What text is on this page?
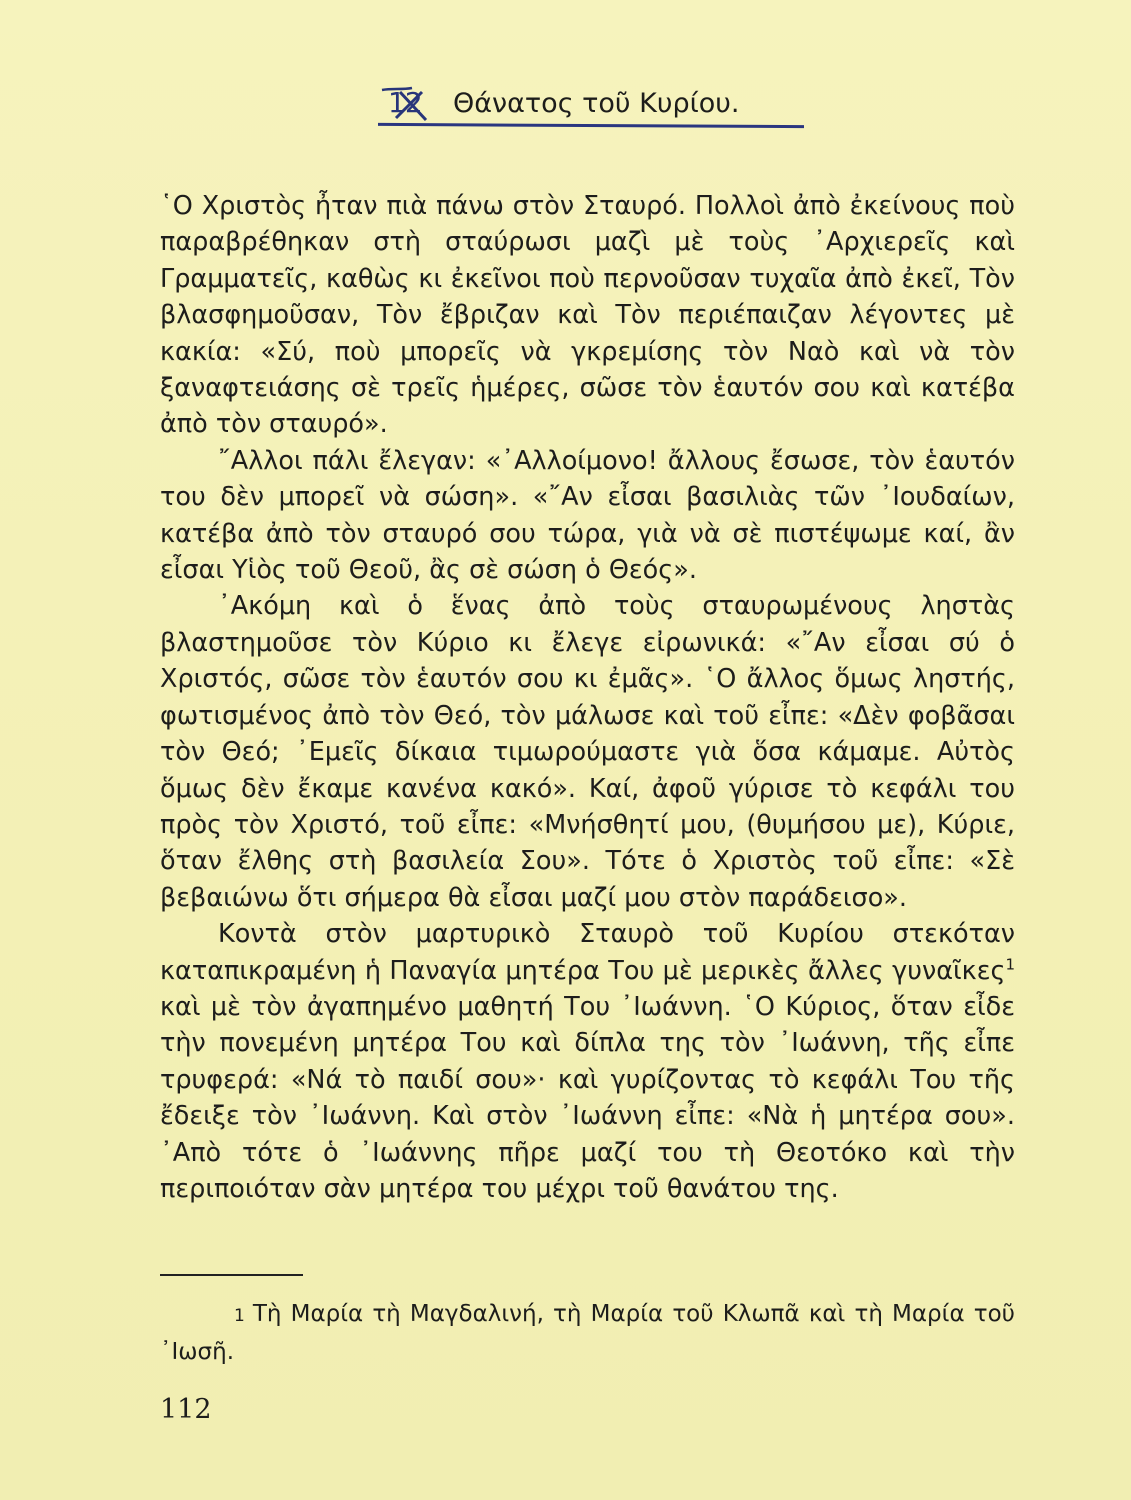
12 Θάνατος τοῦ Κυρίου.

῾Ο Χριστὸς ἦταν πιὰ πάνω στὸν Σταυρό. Πολλοὶ ἀπὸ ἐκείνους ποὺ παραβρέθηκαν στὴ σταύρωσι μαζὶ μὲ τοὺς ᾿Αρχιερεῖς καὶ Γραμματεῖς, καθὼς κι ἐκεῖνοι ποὺ περνοῦσαν τυχαῖα ἀπὸ ἐκεῖ, Τὸν βλασφημοῦσαν, Τὸν ἔβριζαν καὶ Τὸν περιέπαιζαν λέγοντες μὲ κακία: «Σύ, ποὺ μπορεῖς νὰ γκρεμίσης τὸν Ναὸ καὶ νὰ τὸν ξαναφτειάσης σὲ τρεῖς ἡμέρες, σῶσε τὸν ἑαυτόν σου καὶ κατέβα ἀπὸ τὸν σταυρό».

῎Αλλοι πάλι ἔλεγαν: «᾿Αλλοίμονο! ἄλλους ἔσωσε, τὸν ἑαυτόν του δὲν μπορεῖ νὰ σώση». «῎Αν εἶσαι βασιλιὰς τῶν ᾿Ιουδαίων, κατέβα ἀπὸ τὸν σταυρό σου τώρα, γιὰ νὰ σὲ πιστέψωμε καί, ἂν εἶσαι Υἱὸς τοῦ Θεοῦ, ἂς σὲ σώση ὁ Θεός».

᾿Ακόμη καὶ ὁ ἕνας ἀπὸ τοὺς σταυρωμένους ληστὰς βλαστημοῦσε τὸν Κύριο κι ἔλεγε εἰρωνικά: «῎Αν εἶσαι σύ ὁ Χριστός, σῶσε τὸν ἑαυτόν σου κι ἐμᾶς». ῾Ο ἄλλος ὅμως ληστής, φωτισμένος ἀπὸ τὸν Θεό, τὸν μάλωσε καὶ τοῦ εἶπε: «Δὲν φοβᾶσαι τὸν Θεό; ᾿Εμεῖς δίκαια τιμωρούμαστε γιὰ ὅσα κάμαμε. Αὐτὸς ὅμως δὲν ἔκαμε κανένα κακό». Καί, ἀφοῦ γύρισε τὸ κεφάλι του πρὸς τὸν Χριστό, τοῦ εἶπε: «Μνήσθητί μου, (θυμήσου με), Κύριε, ὅταν ἔλθης στὴ βασιλεία Σου». Τότε ὁ Χριστὸς τοῦ εἶπε: «Σὲ βεβαιώνω ὅτι σήμερα θὰ εἶσαι μαζί μου στὸν παράδεισο».

Κοντὰ στὸν μαρτυρικὸ Σταυρὸ τοῦ Κυρίου στεκόταν καταπικραμένη ἡ Παναγία μητέρα Του μὲ μερικὲς ἄλλες γυναῖκες$^1$ καὶ μὲ τὸν ἀγαπημένο μαθητή Του ᾿Ιωάννη. ῾Ο Κύριος, ὅταν εἶδε τὴν πονεμένη μητέρα Του καὶ δίπλα της τὸν ᾿Ιωάννη, τῆς εἶπε τρυφερά: «Νά τὸ παιδί σου»· καὶ γυρίζοντας τὸ κεφάλι Του τῆς ἔδειξε τὸν ᾿Ιωάννη. Καὶ στὸν ᾿Ιωάννη εἶπε: «Νὰ ἡ μητέρα σου». ᾿Απὸ τότε ὁ ᾿Ιωάννης πῆρε μαζί του τὴ Θεοτόκο καὶ τὴν περιποιόταν σὰν μητέρα του μέχρι τοῦ θανάτου της.

1 Τὴ Μαρία τὴ Μαγδαλινή, τὴ Μαρία τοῦ Κλωπᾶ καὶ τὴ Μαρία τοῦ ᾿Ιωσῆ.
112
